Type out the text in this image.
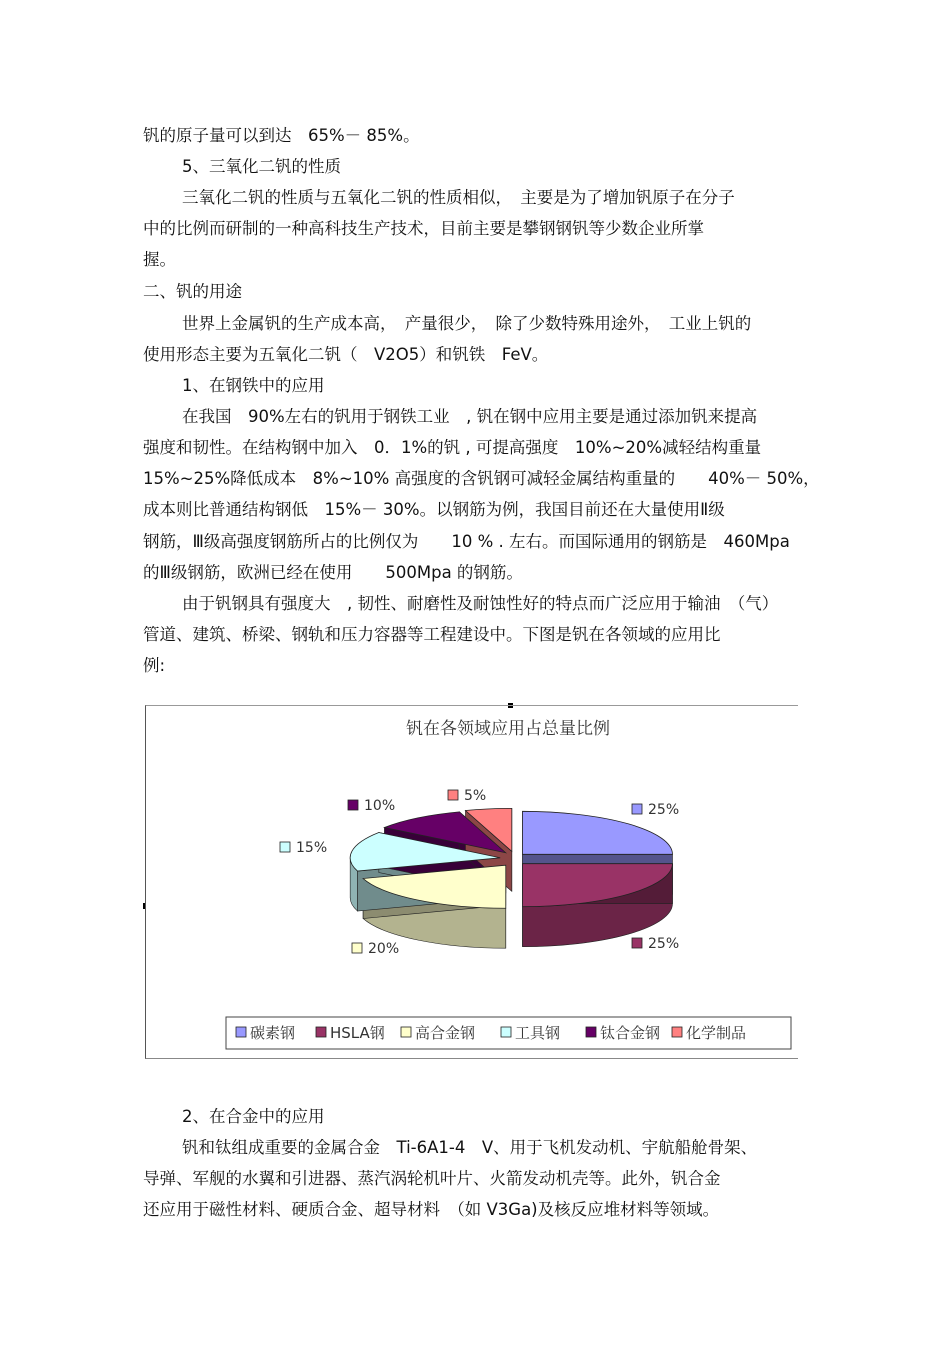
钒的原子量可以到达　65%－ 85%。
5、三氧化二钒的性质
三氧化二钒的性质与五氧化二钒的性质相似，　主要是为了增加钒原子在分子
中的比例而研制的一种高科技生产技术，目前主要是攀钢钢钒等少数企业所掌
握。
二、钒的用途
世界上金属钒的生产成本高，　产量很少，　除了少数特殊用途外，　工业上钒的
使用形态主要为五氧化二钒（　V2O5）和钒铁　FeV。
1、在钢铁中的应用
在我国　90%左右的钒用于钢铁工业　, 钒在钢中应用主要是通过添加钒来提高
强度和韧性。在结构钢中加入　0．1%的钒 , 可提高强度　10%~20%减轻结构重量
15%~25%降低成本　8%~10% 高强度的含钒钢可减轻金属结构重量的　　40%－ 50%，
成本则比普通结构钢低　15%－ 30%。以钢筋为例，我国目前还在大量使用Ⅱ级
钢筋，Ⅲ级高强度钢筋所占的比例仅为　　10 % . 左右。而国际通用的钢筋是　460Mpa
的Ⅲ级钢筋，欧洲已经在使用　　500Mpa 的钢筋。
由于钒钢具有强度大　, 韧性、耐磨性及耐蚀性好的特点而广泛应用于输油　（气）
管道、建筑、桥梁、钢轨和压力容器等工程建设中。下图是钒在各领域的应用比
例:
钒在各领域应用占总量比例
25%
25%
20%
15%
10%
5%
碳素钢 HSLA钢 高合金钢	工具钢	钛合金钢 化学制品
2、在合金中的应用
钒和钛组成重要的金属合金　Ti-6A1-4　V、用于飞机发动机、宇航船舱骨架、
导弹、军舰的水翼和引进器、蒸汽涡轮机叶片、火箭发动机壳等。此外，钒合金
还应用于磁性材料、硬质合金、超导材料　（如 V3Ga)及核反应堆材料等领域。
